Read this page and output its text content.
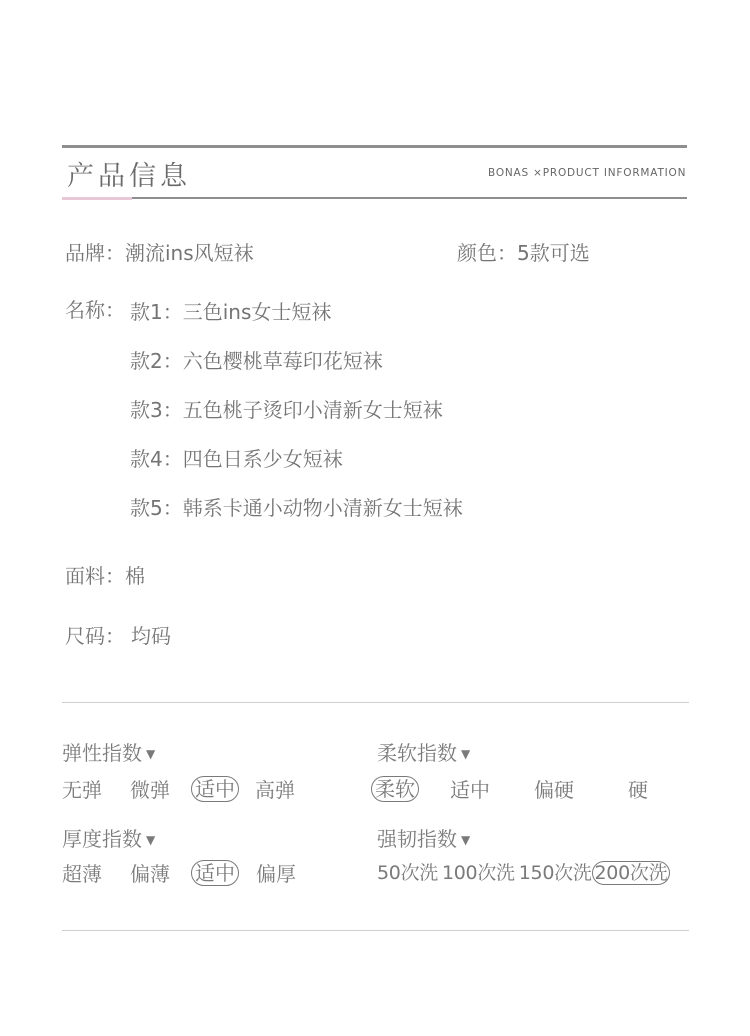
产品信息	BONAS ×PRODUCT INFORMATION
品牌：潮流ins风短袜	颜色：5款可选
名称： 款1：三色ins女士短袜
款2：六色樱桃草莓印花短袜
款3：五色桃子烫印小清新女士短袜
款4：四色日系少女短袜
款5：韩系卡通小动物小清新女士短袜
面料：棉
尺码： 均码
弹性指数 ▼
无弹 微弹 适中 高弹
柔软指数 ▼
柔软 适中 偏硬	硬
厚度指数 ▼
超薄 偏薄 适中 偏厚
强韧指数 ▼
50次洗 100次洗 150次洗 200次洗
